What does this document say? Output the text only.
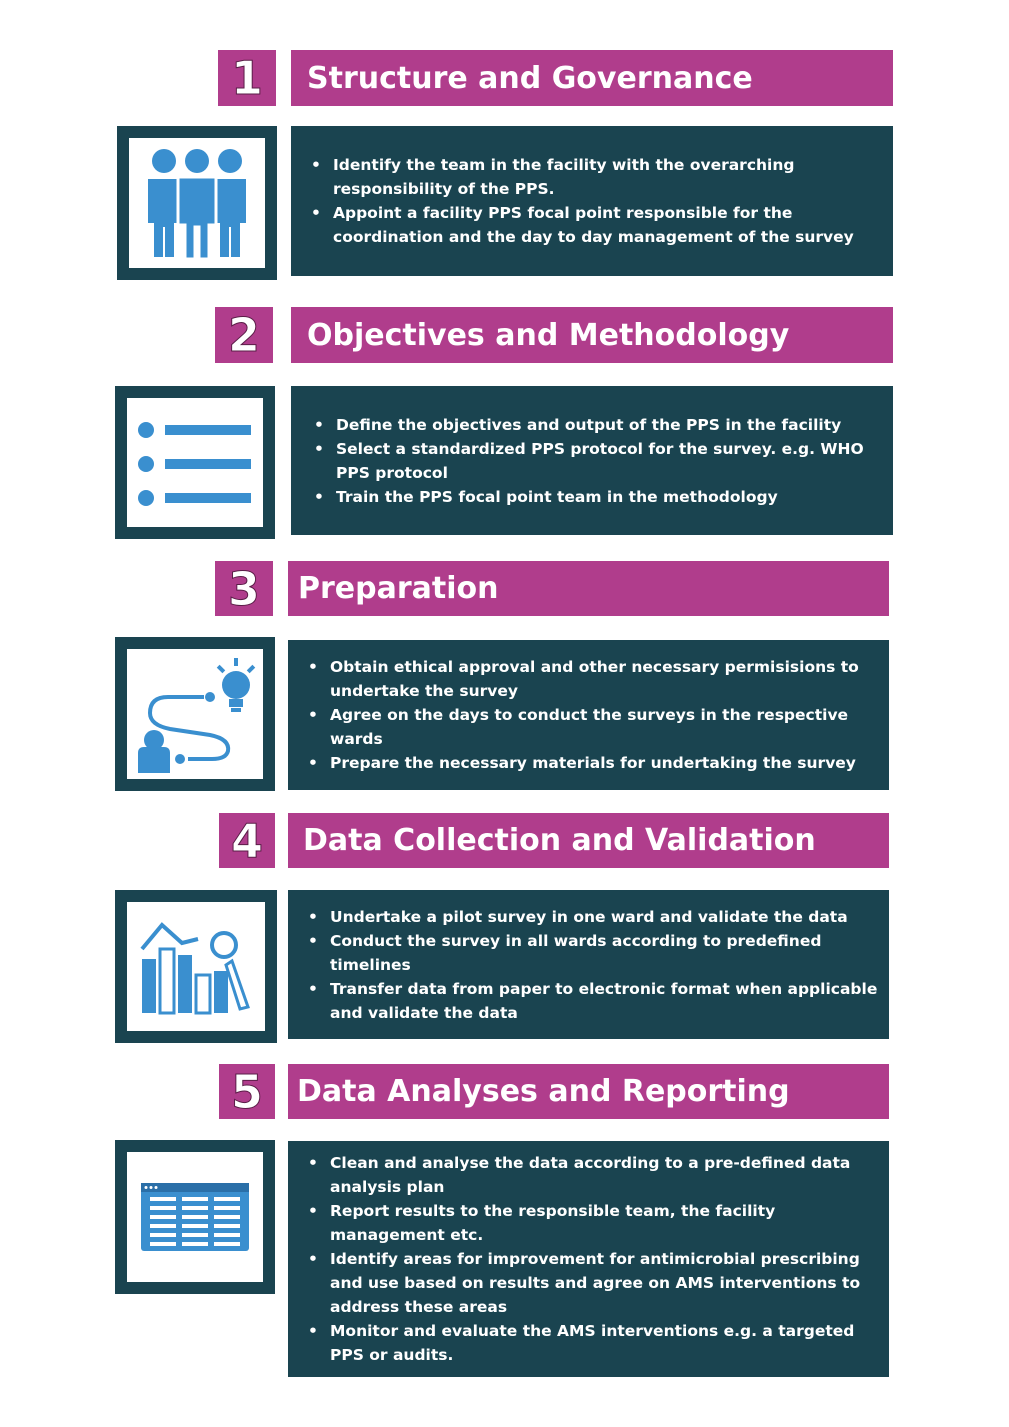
1	Structure and Governance
• Identify the team in the facility with the overarching responsibility of the PPS.
• Appoint a facility PPS focal point responsible for the coordination and the day to day management of the survey
2	Objectives and Methodology
• Define the objectives and output of the PPS in the facility
• Select a standardized PPS protocol for the survey. e.g. WHO PPS protocol
• Train the PPS focal point team in the methodology
3	Preparation
• Obtain ethical approval and other necessary permisisions to undertake the survey
• Agree on the days to conduct the surveys in the respective wards
• Prepare the necessary materials for undertaking the survey
4	Data Collection and Validation
• Undertake a pilot survey in one ward and validate the data
• Conduct the survey in all wards according to predefined timelines
• Transfer data from paper to electronic format when applicable and validate the data
5	Data Analyses and Reporting
• Clean and analyse the data according to a pre-defined data analysis plan
• Report results to the responsible team, the facility management etc.
• Identify areas for improvement for antimicrobial prescribing and use based on results and agree on AMS interventions to address these areas
• Monitor and evaluate the AMS interventions e.g. a targeted PPS or audits.
